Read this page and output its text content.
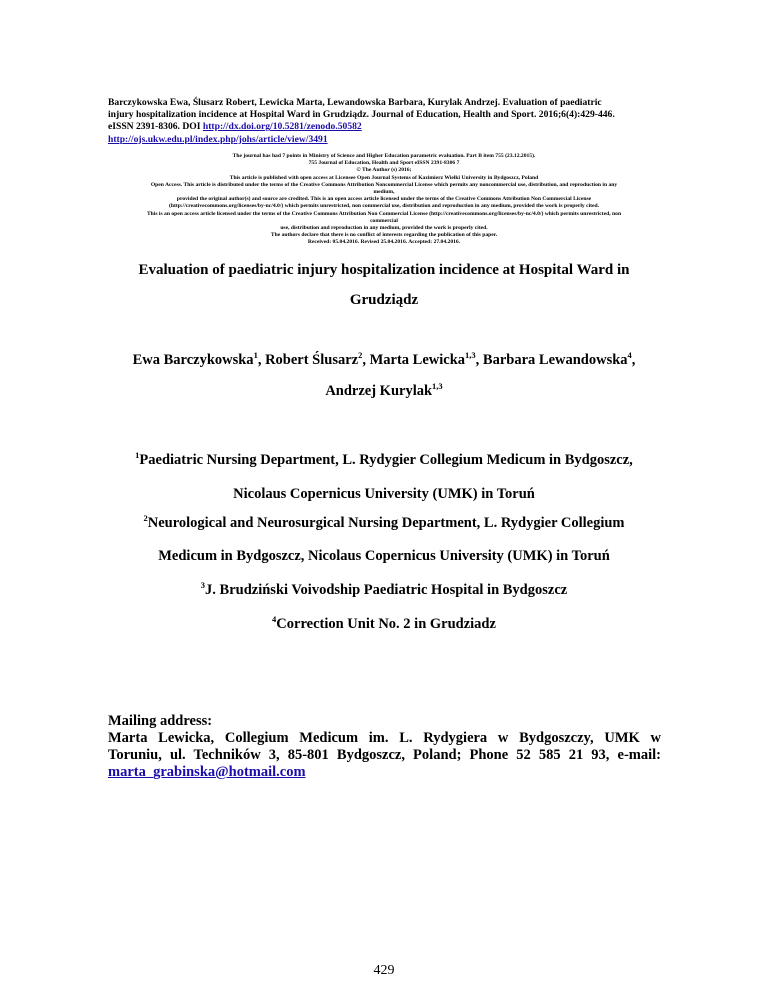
Barczykowska Ewa, Ślusarz Robert, Lewicka Marta, Lewandowska Barbara, Kurylak Andrzej. Evaluation of paediatric
injury hospitalization incidence at Hospital Ward in Grudziądz. Journal of Education, Health and Sport. 2016;6(4):429-446.
eISSN 2391-8306. DOI http://dx.doi.org/10.5281/zenodo.50582
http://ojs.ukw.edu.pl/index.php/johs/article/view/3491
The journal has had 7 points in Ministry of Science and Higher Education parametric evaluation. Part B item 755 (23.12.2015).
755 Journal of Education, Health and Sport eISSN 2391-8306 7
© The Author (s) 2016;
This article is published with open access at Licensee Open Journal Systems of Kazimierz Wielki University in Bydgoszcz, Poland
Open Access. This article is distributed under the terms of the Creative Commons Attribution Noncommercial License which permits any noncommercial use, distribution, and reproduction in any
medium,
provided the original author(s) and source are credited. This is an open access article licensed under the terms of the Creative Commons Attribution Non Commercial License
(http://creativecommons.org/licenses/by-nc/4.0/) which permits unrestricted, non commercial use, distribution and reproduction in any medium, provided the work is properly cited.
This is an open access article licensed under the terms of the Creative Commons Attribution Non Commercial License (http://creativecommons.org/licenses/by-nc/4.0/) which permits unrestricted, non
commercial
use, distribution and reproduction in any medium, provided the work is properly cited.
The authors declare that there is no conflict of interests regarding the publication of this paper.
Received: 05.04.2016. Revised 25.04.2016. Accepted: 27.04.2016.
Evaluation of paediatric injury hospitalization incidence at Hospital Ward in
Grudziądz
Ewa Barczykowska$^1$, Robert Ślusarz$^2$, Marta Lewicka$^{1,3}$, Barbara Lewandowska$^4$,
Andrzej Kurylak$^{1,3}$
$^1$Paediatric Nursing Department, L. Rydygier Collegium Medicum in Bydgoszcz,
Nicolaus Copernicus University (UMK) in Toruń
$^2$Neurological and Neurosurgical Nursing Department, L. Rydygier Collegium
Medicum in Bydgoszcz, Nicolaus Copernicus University (UMK) in Toruń
$^3$J. Brudziński Voivodship Paediatric Hospital in Bydgoszcz
$^4$Correction Unit No. 2 in Grudziadz
Mailing address:
Marta Lewicka, Collegium Medicum im. L. Rydygiera w Bydgoszczy, UMK w
Toruniu, ul. Techników 3, 85-801 Bydgoszcz, Poland; Phone 52 585 21 93, e-mail:
marta_grabinska@hotmail.com
429
